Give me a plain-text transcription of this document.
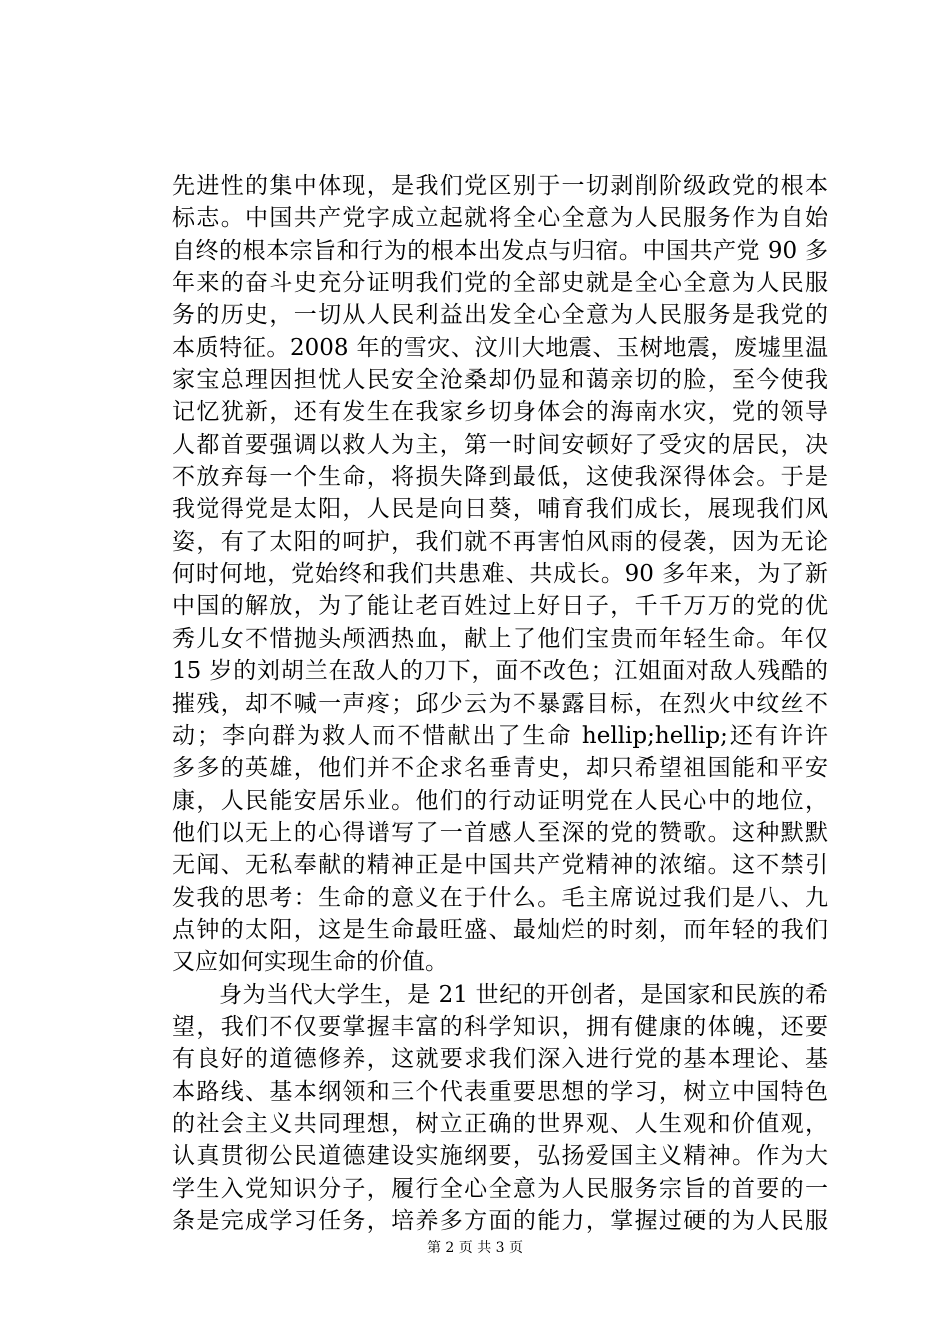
先进性的集中体现，是我们党区别于一切剥削阶级政党的根本
标志。中国共产党字成立起就将全心全意为人民服务作为自始
自终的根本宗旨和行为的根本出发点与归宿。中国共产党 90 多
年来的奋斗史充分证明我们党的全部史就是全心全意为人民服
务的历史，一切从人民利益出发全心全意为人民服务是我党的
本质特征。2008 年的雪灾、汶川大地震、玉树地震，废墟里温
家宝总理因担忧人民安全沧桑却仍显和蔼亲切的脸，至今使我
记忆犹新，还有发生在我家乡切身体会的海南水灾，党的领导
人都首要强调以救人为主，第一时间安顿好了受灾的居民，决
不放弃每一个生命，将损失降到最低，这使我深得体会。于是
我觉得党是太阳，人民是向日葵，哺育我们成长，展现我们风
姿，有了太阳的呵护，我们就不再害怕风雨的侵袭，因为无论
何时何地，党始终和我们共患难、共成长。90 多年来，为了新
中国的解放，为了能让老百姓过上好日子，千千万万的党的优
秀儿女不惜抛头颅洒热血，献上了他们宝贵而年轻生命。年仅
15 岁的刘胡兰在敌人的刀下，面不改色；江姐面对敌人残酷的
摧残，却不喊一声疼；邱少云为不暴露目标，在烈火中纹丝不
动；李向群为救人而不惜献出了生命 hellip;hellip;还有许许
多多的英雄，他们并不企求名垂青史，却只希望祖国能和平安
康，人民能安居乐业。他们的行动证明党在人民心中的地位，
他们以无上的心得谱写了一首感人至深的党的赞歌。这种默默
无闻、无私奉献的精神正是中国共产党精神的浓缩。这不禁引
发我的思考：生命的意义在于什么。毛主席说过我们是八、九
点钟的太阳，这是生命最旺盛、最灿烂的时刻，而年轻的我们
又应如何实现生命的价值。
　　身为当代大学生，是 21 世纪的开创者，是国家和民族的希
望，我们不仅要掌握丰富的科学知识，拥有健康的体魄，还要
有良好的道德修养，这就要求我们深入进行党的基本理论、基
本路线、基本纲领和三个代表重要思想的学习，树立中国特色
的社会主义共同理想，树立正确的世界观、人生观和价值观，
认真贯彻公民道德建设实施纲要，弘扬爱国主义精神。作为大
学生入党知识分子，履行全心全意为人民服务宗旨的首要的一
条是完成学习任务，培养多方面的能力，掌握过硬的为人民服
第 2 页 共 3 页
